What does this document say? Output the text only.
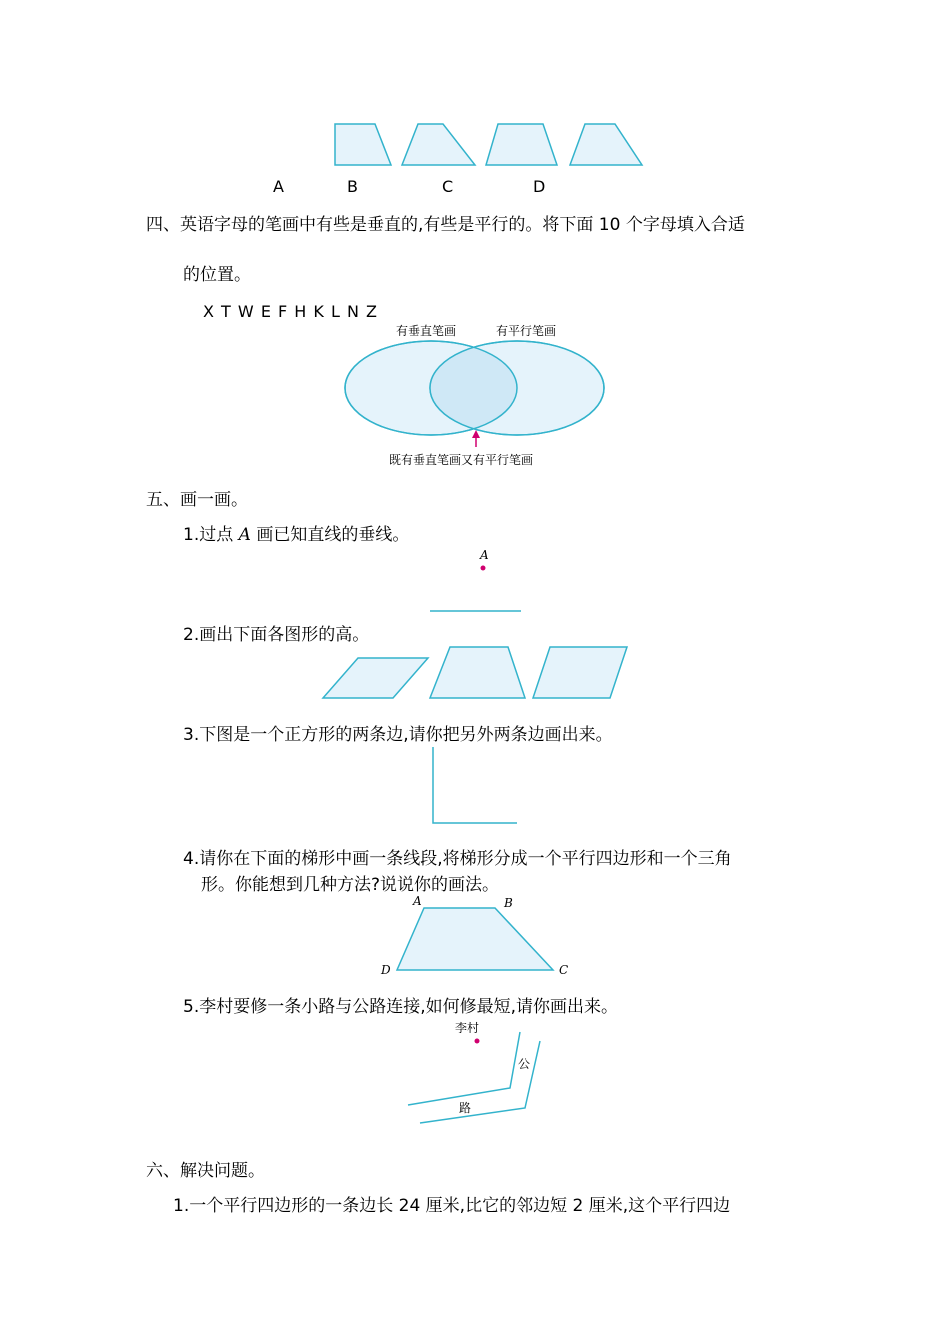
A	B	C	D
四、英语字母的笔画中有些是垂直的,有些是平行的。将下面 10 个字母填入合适
的位置。
X T W E F H K L N Z
有垂直笔画	有平行笔画
既有垂直笔画又有平行笔画
五、画一画。
1.过点 A 画已知直线的垂线。
A
2.画出下面各图形的高。
3.下图是一个正方形的两条边,请你把另外两条边画出来。
4.请你在下面的梯形中画一条线段,将梯形分成一个平行四边形和一个三角
形。你能想到几种方法?说说你的画法。
A	B
C
D
5.李村要修一条小路与公路连接,如何修最短,请你画出来。
李村
公
路
六、解决问题。
1.一个平行四边形的一条边长 24 厘米,比它的邻边短 2 厘米,这个平行四边
